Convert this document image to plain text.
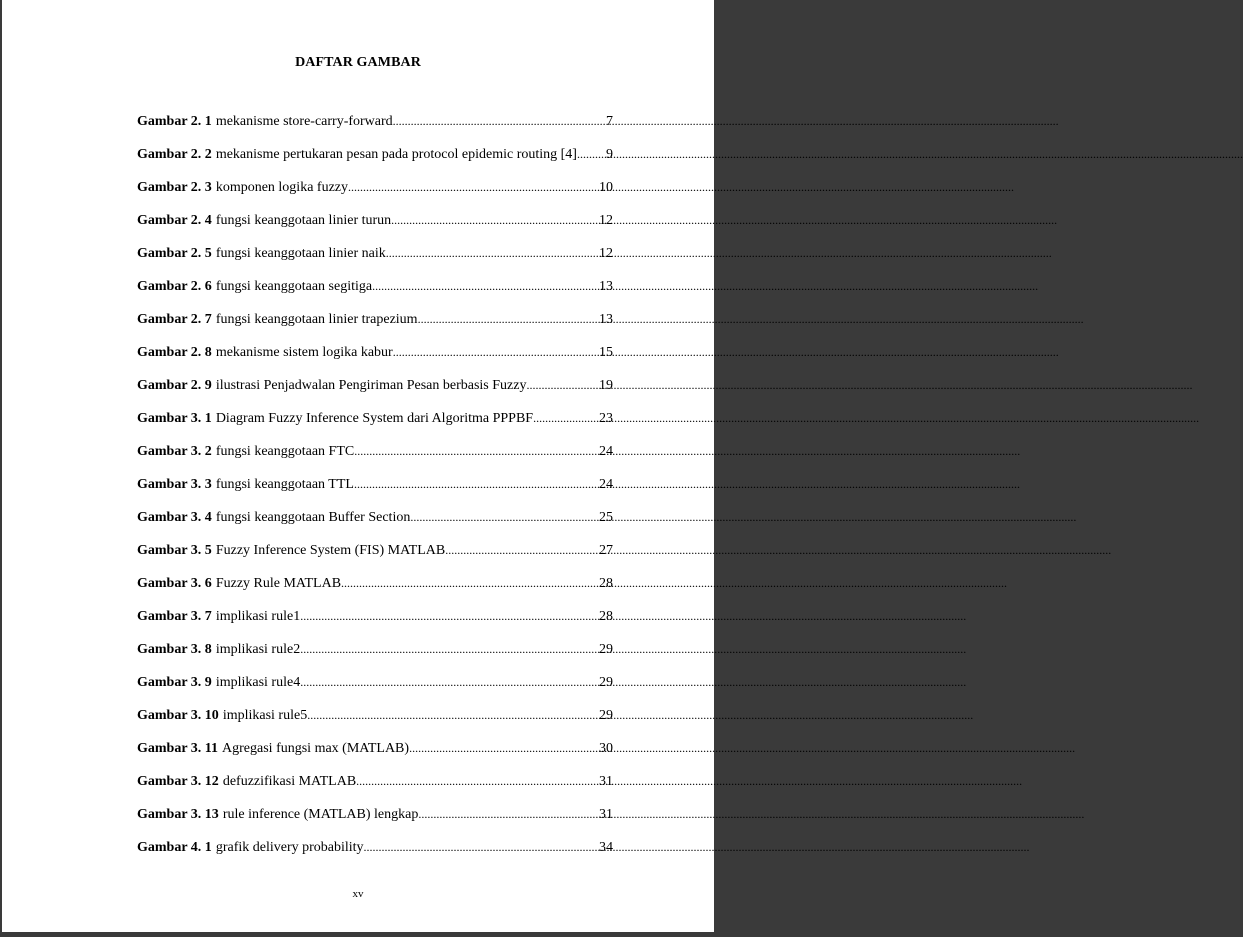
DAFTAR GAMBAR
Gambar 2. 1 mekanisme store-carry-forward .....	7
Gambar 2. 2 mekanisme pertukaran pesan pada protocol epidemic routing [4] ..... 9
Gambar 2. 3 komponen logika fuzzy .....	10
Gambar 2. 4 fungsi keanggotaan linier turun .....	12
Gambar 2. 5 fungsi keanggotaan linier naik .....	12
Gambar 2. 6 fungsi keanggotaan segitiga .....	13
Gambar 2. 7 fungsi keanggotaan linier trapezium .....	13
Gambar 2. 8 mekanisme sistem logika kabur .....	15
Gambar 2. 9 ilustrasi Penjadwalan Pengiriman Pesan berbasis Fuzzy .....	19
Gambar 3. 1 Diagram Fuzzy Inference System dari Algoritma PPPBF .....	23
Gambar 3. 2 fungsi keanggotaan FTC .....	24
Gambar 3. 3 fungsi keanggotaan TTL .....	24
Gambar 3. 4 fungsi keanggotaan Buffer Section .....	25
Gambar 3. 5 Fuzzy Inference System (FIS) MATLAB .....	27
Gambar 3. 6 Fuzzy Rule MATLAB .....	28
Gambar 3. 7 implikasi rule1 .....	28
Gambar 3. 8 implikasi rule2 .....	29
Gambar 3. 9 implikasi rule4 .....	29
Gambar 3. 10 implikasi rule5 .....	29
Gambar 3. 11 Agregasi fungsi max (MATLAB) .....	30
Gambar 3. 12 defuzzifikasi MATLAB .....	31
Gambar 3. 13 rule inference (MATLAB) lengkap .....	31
Gambar 4. 1 grafik delivery probability .....	34
xv
